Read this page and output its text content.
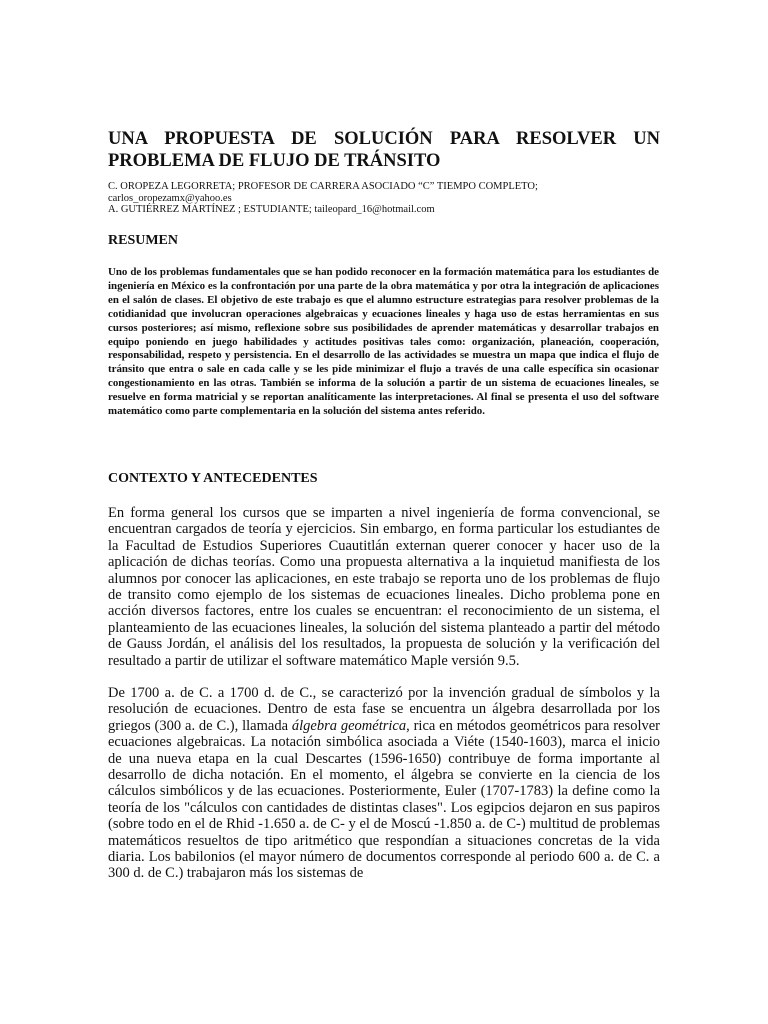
UNA PROPUESTA DE SOLUCIÓN PARA RESOLVER UN PROBLEMA DE FLUJO DE TRÁNSITO
C. OROPEZA LEGORRETA; PROFESOR DE CARRERA ASOCIADO “C” TIEMPO COMPLETO;
carlos_oropezamx@yahoo.es
A. GUTIÉRREZ MARTÍNEZ ; ESTUDIANTE; taileopard_16@hotmail.com
RESUMEN

Uno de los problemas fundamentales que se han podido reconocer en la formación matemática para los estudiantes de ingeniería en México es la confrontación por una parte de la obra matemática y por otra la integración de aplicaciones en el salón de clases. El objetivo de este trabajo es que el alumno estructure estrategias para resolver problemas de la cotidianidad que involucran operaciones algebraicas y ecuaciones lineales y haga uso de estas herramientas en sus cursos posteriores; así mismo, reflexione sobre sus posibilidades de aprender matemáticas y desarrollar trabajos en equipo poniendo en juego habilidades y actitudes positivas tales como: organización, planeación, cooperación, responsabilidad, respeto y persistencia. En el desarrollo de las actividades se muestra un mapa que indica el flujo de tránsito que entra o sale en cada calle y se les pide minimizar el flujo a través de una calle específica sin ocasionar congestionamiento en las otras. También se informa de la solución a partir de un sistema de ecuaciones lineales, se resuelve en forma matricial y se reportan analíticamente las interpretaciones. Al final se presenta el uso del software matemático como parte complementaria en la solución del sistema antes referido.

CONTEXTO Y ANTECEDENTES

En forma general los cursos que se imparten a nivel ingeniería de forma convencional, se encuentran cargados de teoría y ejercicios. Sin embargo, en forma particular los estudiantes de la Facultad de Estudios Superiores Cuautitlán externan querer conocer y hacer uso de la aplicación de dichas teorías. Como una propuesta alternativa a la inquietud manifiesta de los alumnos por conocer las aplicaciones, en este trabajo se reporta uno de los problemas de flujo de transito como ejemplo de los sistemas de ecuaciones lineales. Dicho problema pone en acción diversos factores, entre los cuales se encuentran: el reconocimiento de un sistema, el planteamiento de las ecuaciones lineales, la solución del sistema planteado a partir del método de Gauss Jordán, el análisis del los resultados, la propuesta de solución y la verificación del resultado a partir de utilizar el software matemático Maple versión 9.5.

De 1700 a. de C. a 1700 d. de C., se caracterizó por la invención gradual de símbolos y la resolución de ecuaciones. Dentro de esta fase se encuentra un álgebra desarrollada por los griegos (300 a. de C.), llamada álgebra geométrica, rica en métodos geométricos para resolver ecuaciones algebraicas. La notación simbólica asociada a Viéte (1540-1603), marca el inicio de una nueva etapa en la cual Descartes (1596-1650) contribuye de forma importante al desarrollo de dicha notación. En el momento, el álgebra se convierte en la ciencia de los cálculos simbólicos y de las ecuaciones. Posteriormente, Euler (1707-1783) la define como la teoría de los "cálculos con cantidades de distintas clases". Los egipcios dejaron en sus papiros (sobre todo en el de Rhid -1.650 a. de C- y el de Moscú -1.850 a. de C-) multitud de problemas matemáticos resueltos de tipo aritmético que respondían a situaciones concretas de la vida diaria. Los babilonios (el mayor número de documentos corresponde al periodo 600 a. de C. a 300 d. de C.) trabajaron más los sistemas de
